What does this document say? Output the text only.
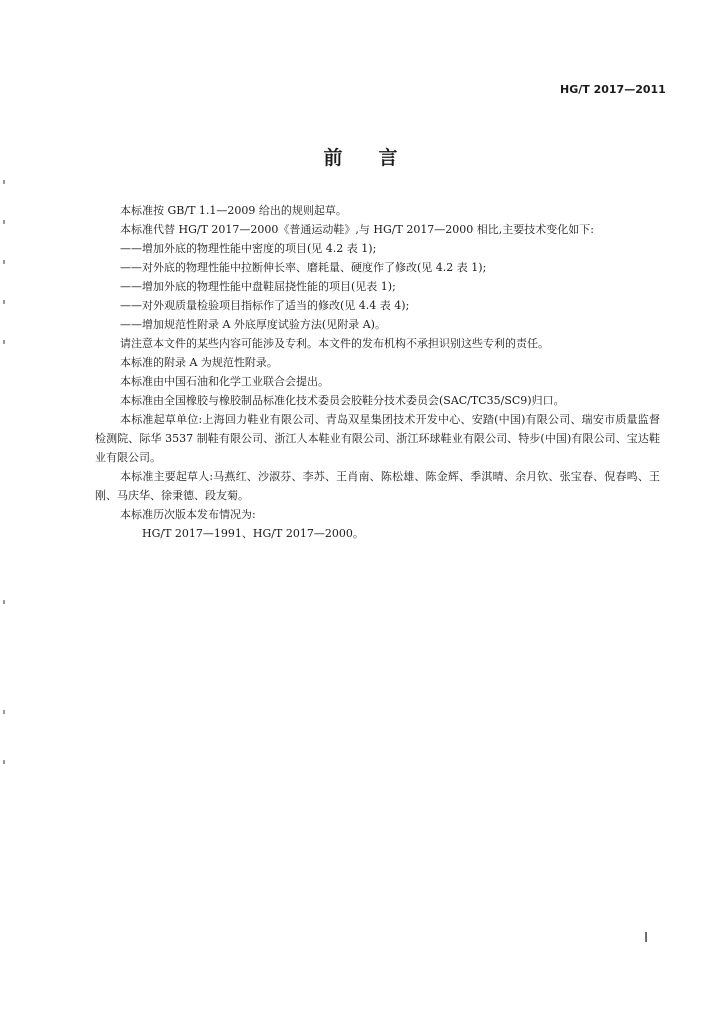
HG/T 2017—2011
前言
本标准按 GB/T 1.1—2009 给出的规则起草。
本标准代替 HG/T 2017—2000《普通运动鞋》,与 HG/T 2017—2000 相比,主要技术变化如下:
——增加外底的物理性能中密度的项目(见 4.2 表 1);
——对外底的物理性能中拉断伸长率、磨耗量、硬度作了修改(见 4.2 表 1);
——增加外底的物理性能中盘鞋屈挠性能的项目(见表 1);
——对外观质量检验项目指标作了适当的修改(见 4.4 表 4);
——增加规范性附录 A 外底厚度试验方法(见附录 A)。
请注意本文件的某些内容可能涉及专利。本文件的发布机构不承担识别这些专利的责任。
本标准的附录 A 为规范性附录。
本标准由中国石油和化学工业联合会提出。
本标准由全国橡胶与橡胶制品标准化技术委员会胶鞋分技术委员会(SAC/TC35/SC9)归口。
本标准起草单位:上海回力鞋业有限公司、青岛双星集团技术开发中心、安踏(中国)有限公司、瑞安市质量监督检测院、际华 3537 制鞋有限公司、浙江人本鞋业有限公司、浙江环球鞋业有限公司、特步(中国)有限公司、宝达鞋业有限公司。
本标准主要起草人:马燕红、沙淑芬、李苏、王肖南、陈松雄、陈金辉、季淇晴、余月钦、张宝春、倪春鸣、王刚、马庆华、徐秉德、段友菊。
本标准历次版本发布情况为:
HG/T 2017—1991、HG/T 2017—2000。
I
